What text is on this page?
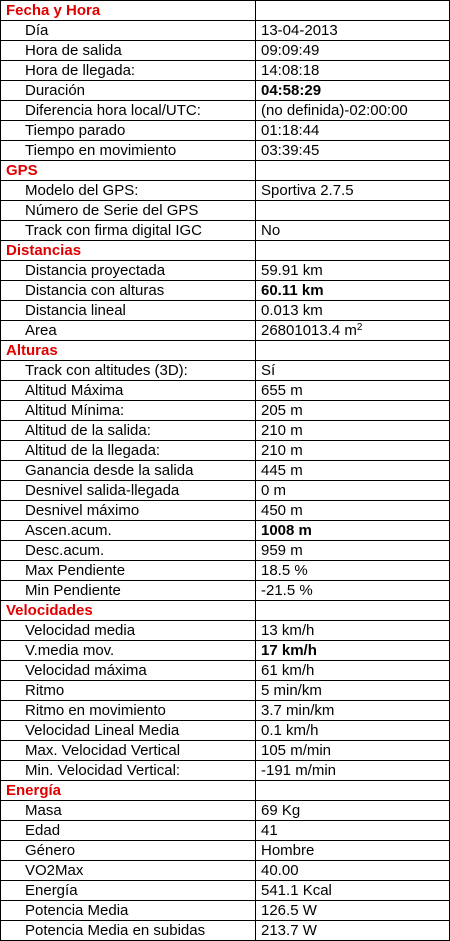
Fecha y Hora	
Día	13-04-2013
Hora de salida	09:09:49
Hora de llegada:	14:08:18
Duración	04:58:29
Diferencia hora local/UTC:	(no definida)-02:00:00
Tiempo parado	01:18:44
Tiempo en movimiento	03:39:45
GPS	
Modelo del GPS:	Sportiva 2.7.5
Número de Serie del GPS	
Track con firma digital IGC	No
Distancias	
Distancia proyectada	59.91 km
Distancia con alturas	60.11 km
Distancia lineal	0.013 km
Area	26801013.4 $m^2$
Alturas	
Track con altitudes (3D):	Sí
Altitud Máxima	655 m
Altitud Mínima:	205 m
Altitud de la salida:	210 m
Altitud de la llegada:	210 m
Ganancia desde la salida	445 m
Desnivel salida-llegada	0 m
Desnivel máximo	450 m
Ascen.acum.	1008 m
Desc.acum.	959 m
Max Pendiente	18.5 %
Min Pendiente	-21.5 %
Velocidades	
Velocidad media	13 km/h
V.media mov.	17 km/h
Velocidad máxima	61 km/h
Ritmo	5 min/km
Ritmo en movimiento	3.7 min/km
Velocidad Lineal Media	0.1 km/h
Max. Velocidad Vertical	105 m/min
Min. Velocidad Vertical:	-191 m/min
Energía	
Masa	69 Kg
Edad	41
Género	Hombre
VO2Max	40.00
Energía	541.1 Kcal
Potencia Media	126.5 W
Potencia Media en subidas	213.7 W
